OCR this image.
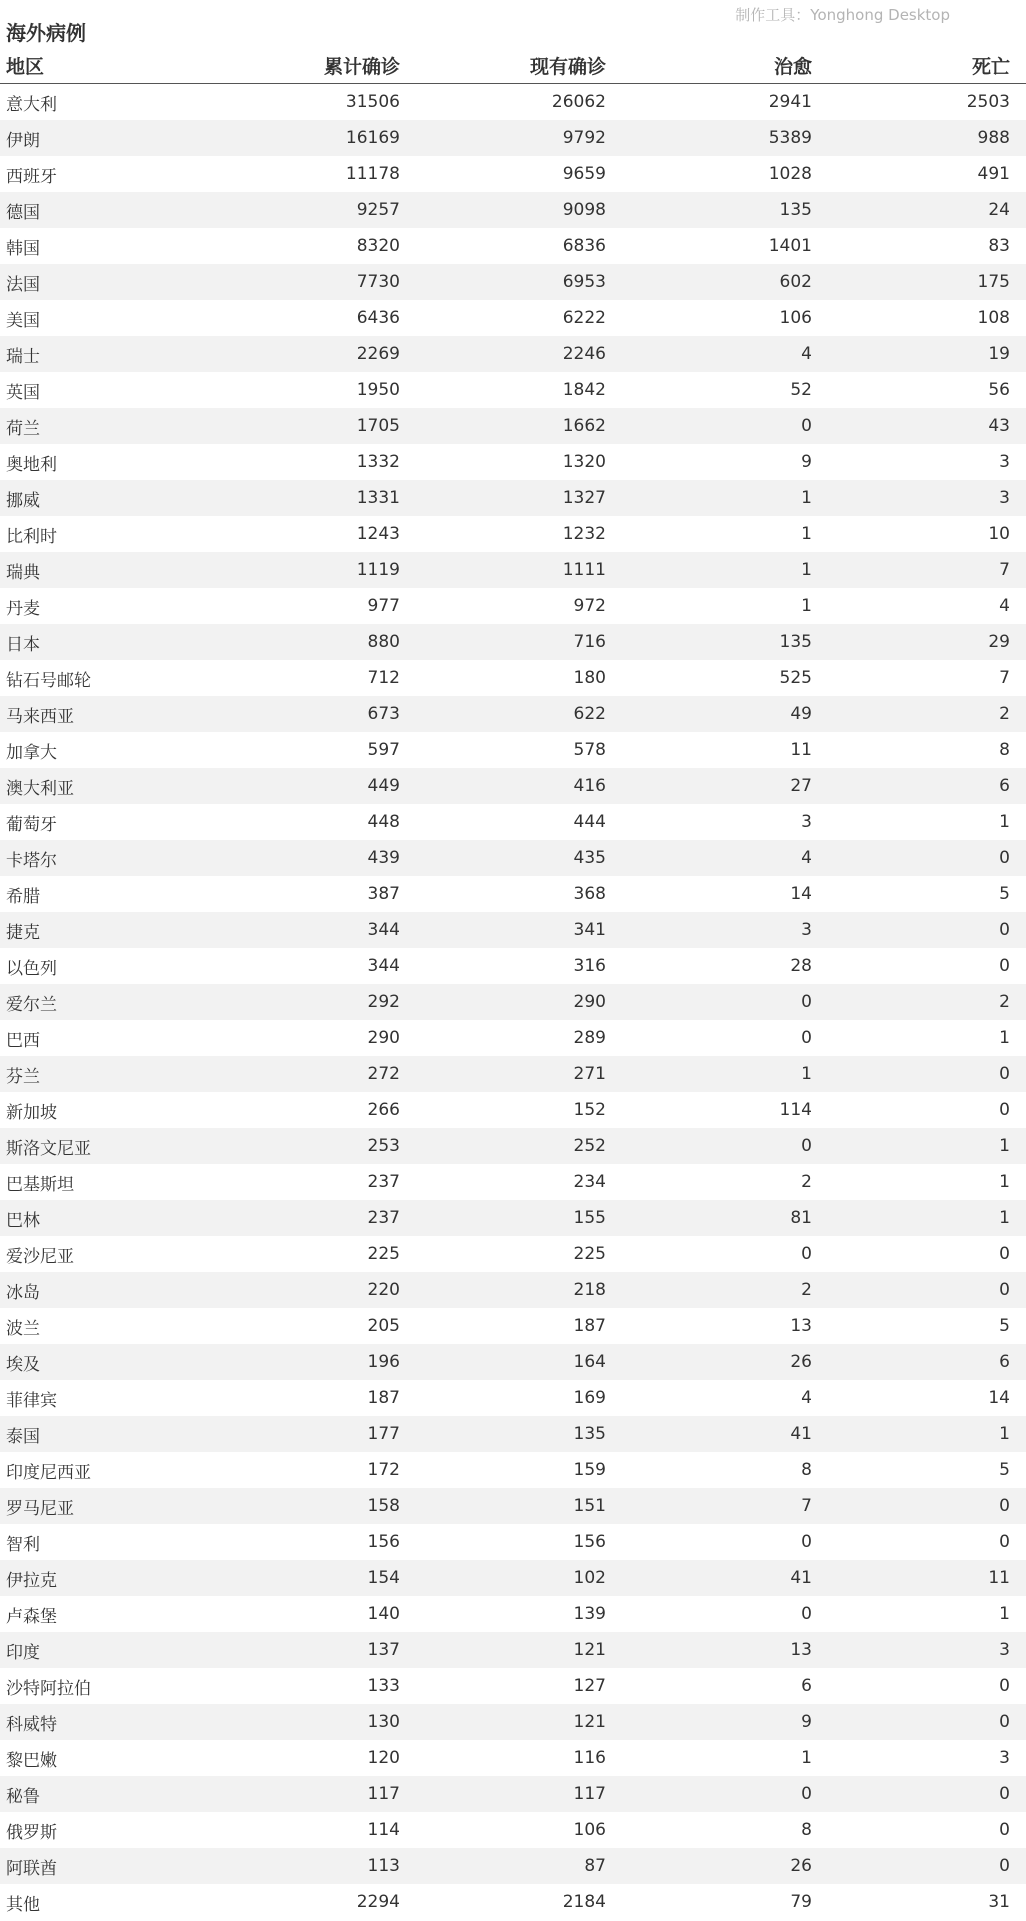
制作工具：Yonghong Desktop
海外病例
地区	累计确诊	现有确诊	治愈	死亡
意大利	31506	26062	2941	2503
伊朗	16169	9792	5389	988
西班牙	11178	9659	1028	491
德国	9257	9098	135	24
韩国	8320	6836	1401	83
法国	7730	6953	602	175
美国	6436	6222	106	108
瑞士	2269	2246	4	19
英国	1950	1842	52	56
荷兰	1705	1662	0	43
奥地利	1332	1320	9	3
挪威	1331	1327	1	3
比利时	1243	1232	1	10
瑞典	1119	1111	1	7
丹麦	977	972	1	4
日本	880	716	135	29
钻石号邮轮	712	180	525	7
马来西亚	673	622	49	2
加拿大	597	578	11	8
澳大利亚	449	416	27	6
葡萄牙	448	444	3	1
卡塔尔	439	435	4	0
希腊	387	368	14	5
捷克	344	341	3	0
以色列	344	316	28	0
爱尔兰	292	290	0	2
巴西	290	289	0	1
芬兰	272	271	1	0
新加坡	266	152	114	0
斯洛文尼亚	253	252	0	1
巴基斯坦	237	234	2	1
巴林	237	155	81	1
爱沙尼亚	225	225	0	0
冰岛	220	218	2	0
波兰	205	187	13	5
埃及	196	164	26	6
菲律宾	187	169	4	14
泰国	177	135	41	1
印度尼西亚	172	159	8	5
罗马尼亚	158	151	7	0
智利	156	156	0	0
伊拉克	154	102	41	11
卢森堡	140	139	0	1
印度	137	121	13	3
沙特阿拉伯	133	127	6	0
科威特	130	121	9	0
黎巴嫩	120	116	1	3
秘鲁	117	117	0	0
俄罗斯	114	106	8	0
阿联酋	113	87	26	0
其他	2294	2184	79	31
